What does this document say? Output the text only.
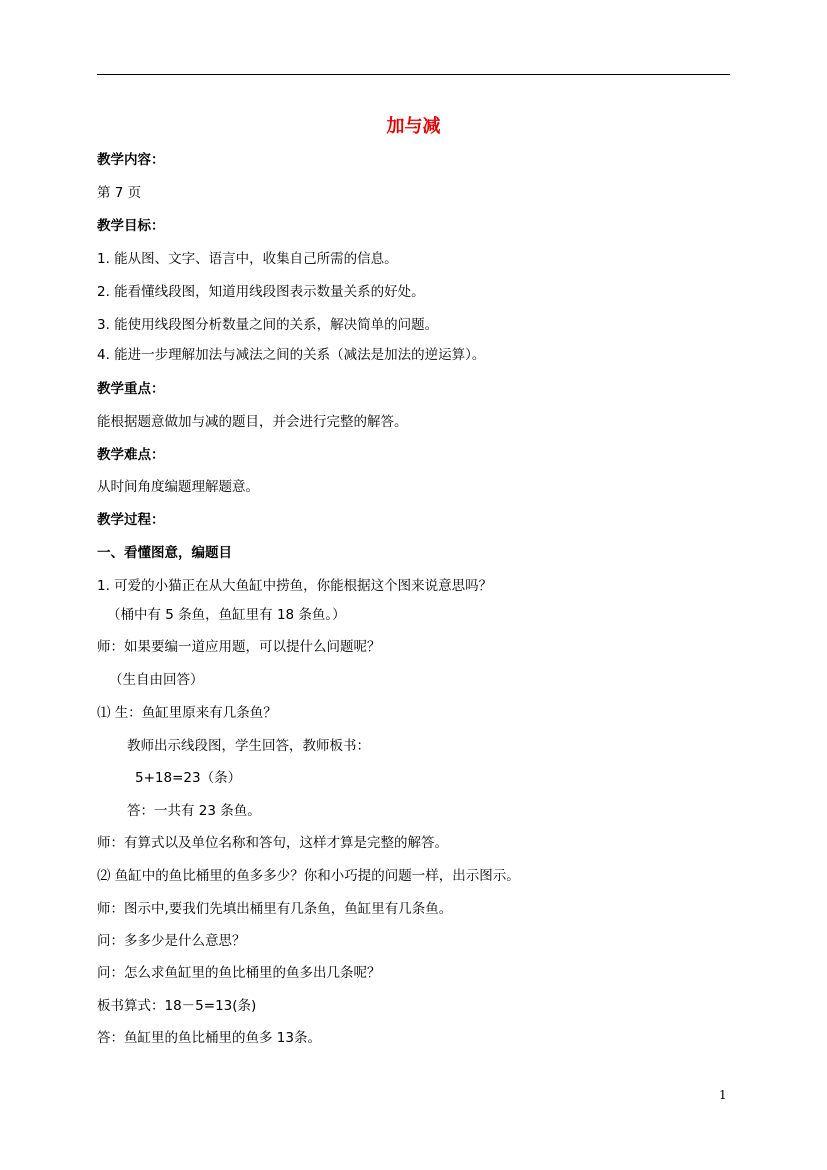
加与减
教学内容：
第 7 页
教学目标：
1. 能从图、文字、语言中，收集自己所需的信息。
2. 能看懂线段图，知道用线段图表示数量关系的好处。
3. 能使用线段图分析数量之间的关系，解决简单的问题。
4. 能进一步理解加法与减法之间的关系（减法是加法的逆运算）。
教学重点：
能根据题意做加与减的题目，并会进行完整的解答。
教学难点：
从时间角度编题理解题意。
教学过程：
一、看懂图意，编题目
1. 可爱的小猫正在从大鱼缸中捞鱼，你能根据这个图来说意思吗？
（桶中有 5 条鱼，鱼缸里有 18 条鱼。）
师：如果要编一道应用题，可以提什么问题呢？
（生自由回答）
⑴ 生：鱼缸里原来有几条鱼？
教师出示线段图，学生回答，教师板书：
5+18=23（条）
答：一共有 23 条鱼。
师：有算式以及单位名称和答句，这样才算是完整的解答。
⑵ 鱼缸中的鱼比桶里的鱼多多少？你和小巧提的问题一样，出示图示。
师：图示中,要我们先填出桶里有几条鱼，鱼缸里有几条鱼。
问：多多少是什么意思？
问：怎么求鱼缸里的鱼比桶里的鱼多出几条呢？
板书算式：18－5=13(条)
答：鱼缸里的鱼比桶里的鱼多 13条。
1
